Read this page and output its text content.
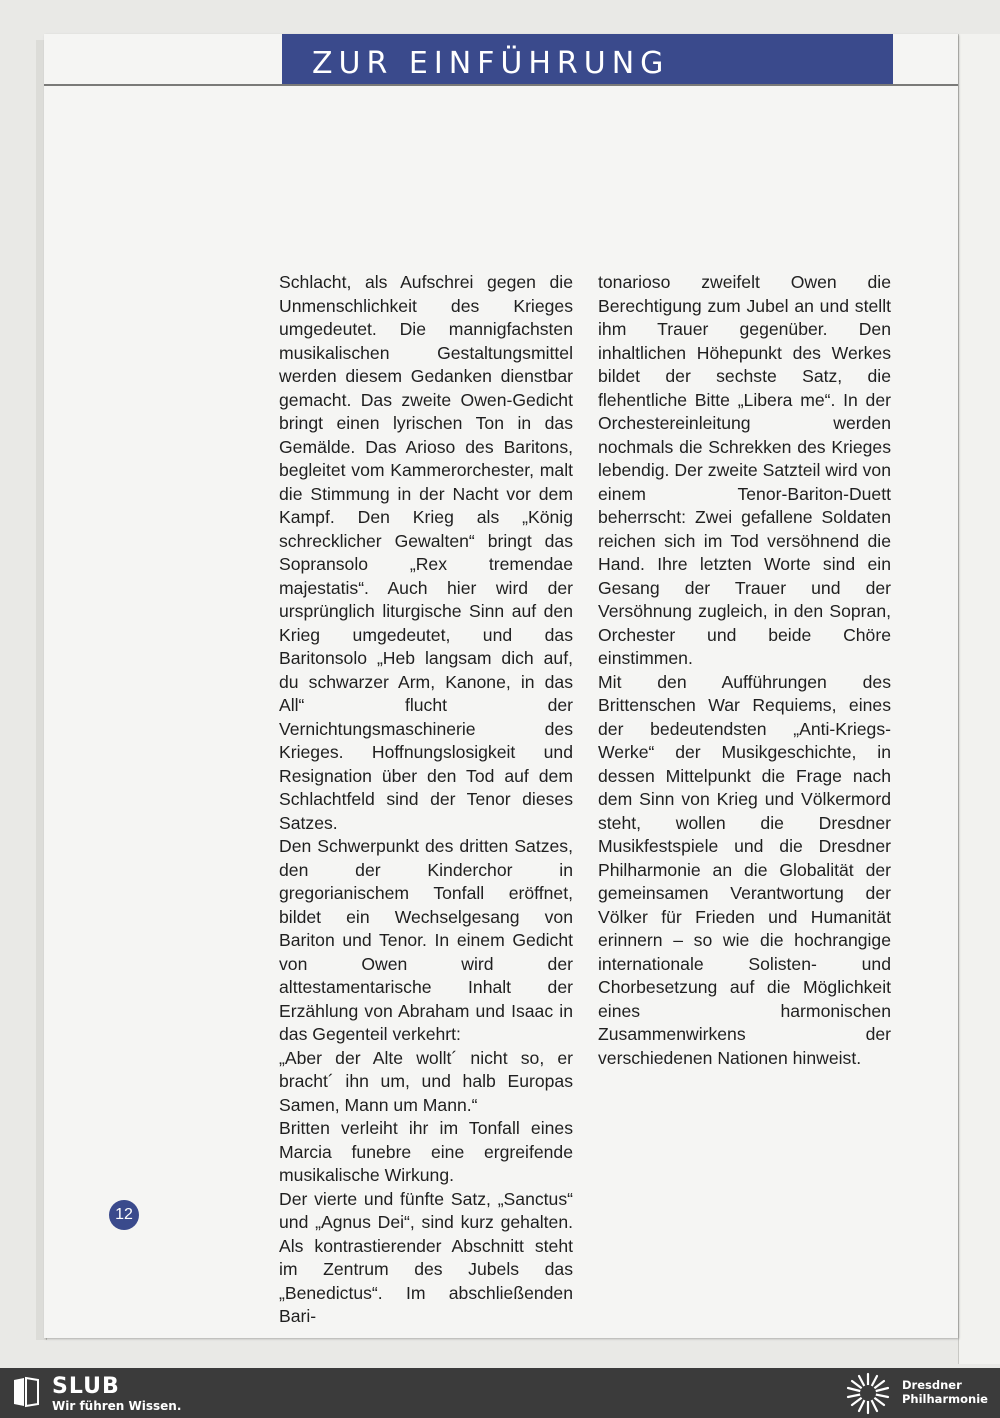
ZUR EINFÜHRUNG

Schlacht, als Aufschrei gegen die Unmenschlichkeit des Krieges umgedeutet. Die mannigfachsten musikalischen Gestaltungsmittel werden diesem Gedanken dienstbar gemacht. Das zweite Owen-Gedicht bringt einen lyrischen Ton in das Gemälde. Das Arioso des Baritons, begleitet vom Kammerorchester, malt die Stimmung in der Nacht vor dem Kampf. Den Krieg als „König schrecklicher Gewalten“ bringt das Sopransolo „Rex tremendae majestatis“. Auch hier wird der ursprünglich liturgische Sinn auf den Krieg umgedeutet, und das Baritonsolo „Heb langsam dich auf, du schwarzer Arm, Kanone, in das All“ flucht der Vernichtungsmaschinerie des Krieges. Hoffnungslosigkeit und Resignation über den Tod auf dem Schlachtfeld sind der Tenor dieses Satzes.

Den Schwerpunkt des dritten Satzes, den der Kinderchor in gregorianischem Tonfall eröffnet, bildet ein Wechselgesang von Bariton und Tenor. In einem Gedicht von Owen wird der alttestamentarische Inhalt der Erzählung von Abraham und Isaac in das Gegenteil verkehrt:

„Aber der Alte wollt´ nicht so, er bracht´ ihn um, und halb Europas Samen, Mann um Mann.“

Britten verleiht ihr im Tonfall eines Marcia funebre eine ergreifende musikalische Wirkung.

Der vierte und fünfte Satz, „Sanctus“ und „Agnus Dei“, sind kurz gehalten. Als kontrastierender Abschnitt steht im Zentrum des Jubels das „Benedictus“. Im abschließenden Bari-

tonarioso zweifelt Owen die Berechtigung zum Jubel an und stellt ihm Trauer gegenüber. Den inhaltlichen Höhepunkt des Werkes bildet der sechste Satz, die flehentliche Bitte „Libera me“. In der Orchestereinleitung werden nochmals die Schrekken des Krieges lebendig. Der zweite Satzteil wird von einem Tenor-Bariton-Duett beherrscht: Zwei gefallene Soldaten reichen sich im Tod versöhnend die Hand. Ihre letzten Worte sind ein Gesang der Trauer und der Versöhnung zugleich, in den Sopran, Orchester und beide Chöre einstimmen.

Mit den Aufführungen des Brittenschen War Requiems, eines der bedeutendsten „Anti-Kriegs-Werke“ der Musikgeschichte, in dessen Mittelpunkt die Frage nach dem Sinn von Krieg und Völkermord steht, wollen die Dresdner Musikfestspiele und die Dresdner Philharmonie an die Globalität der gemeinsamen Verantwortung der Völker für Frieden und Humanität erinnern – so wie die hochrangige internationale Solisten- und Chorbesetzung auf die Möglichkeit eines harmonischen Zusammenwirkens der verschiedenen Nationen hinweist.

12
SLUB
Wir führen Wissen.
Dresdner
Philharmonie
